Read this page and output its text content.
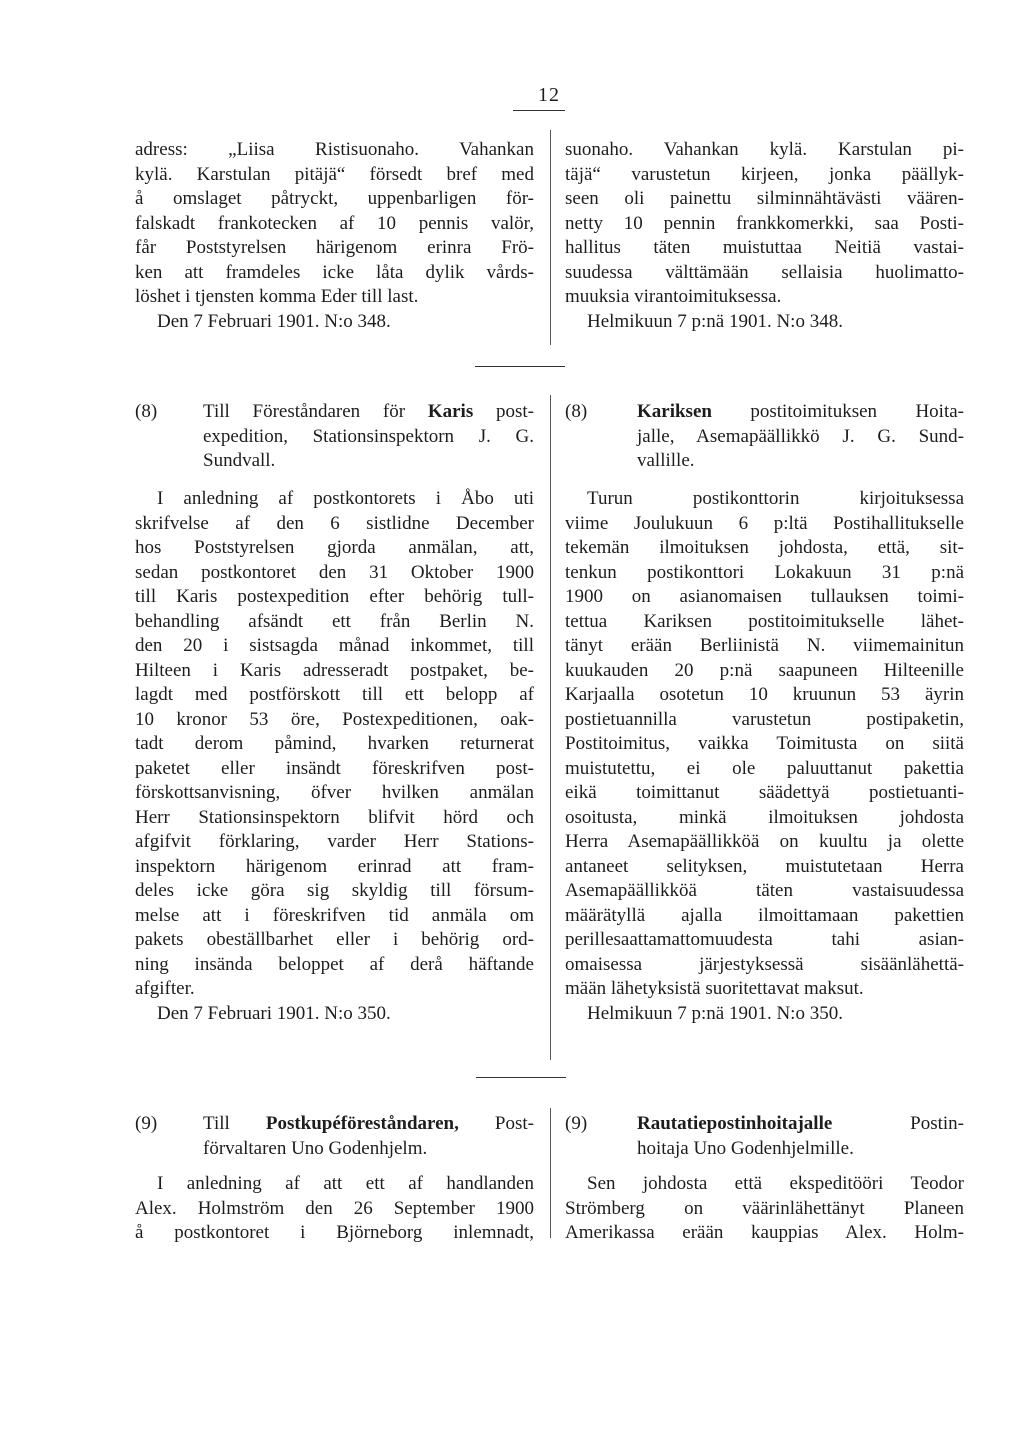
12

adress: „Liisa Ristisuonaho. Vahankan

kylä. Karstulan pitäjä“ försedt bref med

å omslaget påtryckt, uppenbarligen för-

falskadt frankotecken af 10 pennis valör,

får Poststyrelsen härigenom erinra Frö-

ken att framdeles icke låta dylik vårds-

löshet i tjensten komma Eder till last.

Den 7 Februari 1901. N:o 348.

suonaho. Vahankan kylä. Karstulan pi-

täjä“ varustetun kirjeen, jonka päällyk-

seen oli painettu silminnähtävästi väären-

netty 10 pennin frankkomerkki, saa Posti-

hallitus täten muistuttaa Neitiä vastai-

suudessa välttämään sellaisia huolimatto-

muuksia virantoimituksessa.

Helmikuun 7 p:nä 1901. N:o 348.

(8) Till Föreståndaren för Karis post-

expedition, Stationsinspektorn J. G.

Sundvall.

(8)	Kariksen postitoimituksen Hoita-

jalle, Asemapäällikkö J. G. Sund-

vallille.

I anledning af postkontorets i Åbo uti

skrifvelse af den 6 sistlidne December

hos Poststyrelsen gjorda anmälan, att,

sedan postkontoret den 31 Oktober 1900

till Karis postexpedition efter behörig tull-

behandling afsändt ett från Berlin N.

den 20 i sistsagda månad inkommet, till

Hilteen i Karis adresseradt postpaket, be-

lagdt med postförskott till ett belopp af

10 kronor 53 öre, Postexpeditionen, oak-

tadt derom påmind, hvarken returnerat

paketet eller insändt föreskrifven post-

förskottsanvisning, öfver hvilken anmälan

Herr Stationsinspektorn blifvit hörd och

afgifvit förklaring, varder Herr Stations-

inspektorn härigenom erinrad att fram-

deles icke göra sig skyldig till försum-

melse att i föreskrifven tid anmäla om

pakets obeställbarhet eller i behörig ord-

ning insända beloppet af derå häftande

afgifter.

Den 7 Februari 1901. N:o 350.

Turun postikonttorin kirjoituksessa

viime Joulukuun 6 p:ltä Postihallitukselle

tekemän ilmoituksen johdosta, että, sit-

tenkun postikonttori Lokakuun 31 p:nä

1900 on asianomaisen tullauksen toimi-

tettua Kariksen postitoimitukselle lähet-

tänyt erään Berliinistä N. viimemainitun

kuukauden 20 p:nä saapuneen Hilteenille

Karjaalla osotetun 10 kruunun 53 äyrin

postietuannilla varustetun postipaketin,

Postitoimitus, vaikka Toimitusta on siitä

muistutettu, ei ole paluuttanut pakettia

eikä toimittanut säädettyä postietuanti-

osoitusta, minkä ilmoituksen johdosta

Herra Asemapäällikköä on kuultu ja olette

antaneet selityksen, muistutetaan Herra

Asemapäällikköä täten vastaisuudessa

määrätyllä ajalla ilmoittamaan pakettien

perillesaattamattomuudesta tahi asian-

omaisessa järjestyksessä sisäänlähettä-

mään lähetyksistä suoritettavat maksut.

Helmikuun 7 p:nä 1901. N:o 350.

(9) Till Postkupéföreståndaren, Post-

förvaltaren Uno Godenhjelm.

(9)	Rautatiepostinhoitajalle Postin-

hoitaja Uno Godenhjelmille.

I anledning af att ett af handlanden

Alex. Holmström den 26 September 1900

å postkontoret i Björneborg inlemnadt,

Sen johdosta että ekspeditööri Teodor

Strömberg on väärinlähettänyt Planeen

Amerikassa erään kauppias Alex. Holm-
